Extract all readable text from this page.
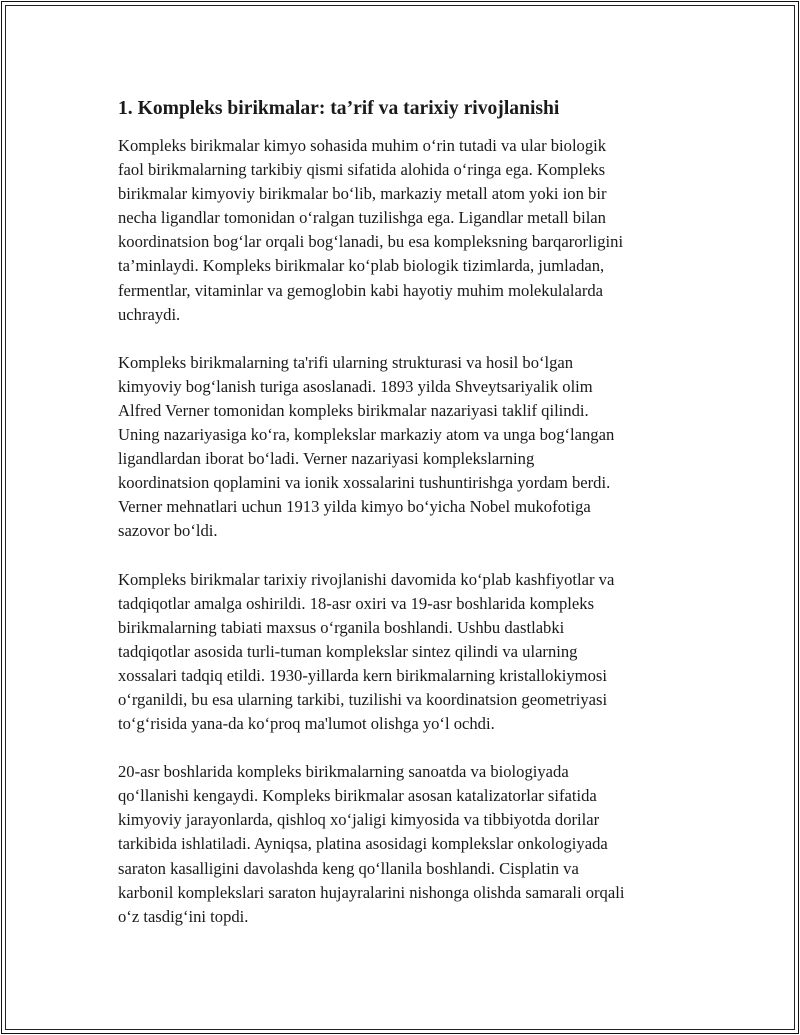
1. Kompleks birikmalar: ta’rif va tarixiy rivojlanishi

Kompleks birikmalar kimyo sohasida muhim o‘rin tutadi va ular biologik
faol birikmalarning tarkibiy qismi sifatida alohida o‘ringa ega. Kompleks
birikmalar kimyoviy birikmalar bo‘lib, markaziy metall atom yoki ion bir
necha ligandlar tomonidan o‘ralgan tuzilishga ega. Ligandlar metall bilan
koordinatsion bog‘lar orqali bog‘lanadi, bu esa kompleksning barqarorligini
ta’minlaydi. Kompleks birikmalar ko‘plab biologik tizimlarda, jumladan,
fermentlar, vitaminlar va gemoglobin kabi hayotiy muhim molekulalarda
uchraydi.

Kompleks birikmalarning ta'rifi ularning strukturasi va hosil bo‘lgan
kimyoviy bog‘lanish turiga asoslanadi. 1893 yilda Shveytsariyalik olim
Alfred Verner tomonidan kompleks birikmalar nazariyasi taklif qilindi.
Uning nazariyasiga ko‘ra, komplekslar markaziy atom va unga bog‘langan
ligandlardan iborat bo‘ladi. Verner nazariyasi komplekslarning
koordinatsion qoplamini va ionik xossalarini tushuntirishga yordam berdi.
Verner mehnatlari uchun 1913 yilda kimyo bo‘yicha Nobel mukofotiga
sazovor bo‘ldi.

Kompleks birikmalar tarixiy rivojlanishi davomida ko‘plab kashfiyotlar va
tadqiqotlar amalga oshirildi. 18-asr oxiri va 19-asr boshlarida kompleks
birikmalarning tabiati maxsus o‘rganila boshlandi. Ushbu dastlabki
tadqiqotlar asosida turli-tuman komplekslar sintez qilindi va ularning
xossalari tadqiq etildi. 1930-yillarda kern birikmalarning kristallokiymosi
o‘rganildi, bu esa ularning tarkibi, tuzilishi va koordinatsion geometriyasi
to‘g‘risida yana-da ko‘proq ma'lumot olishga yo‘l ochdi.

20-asr boshlarida kompleks birikmalarning sanoatda va biologiyada
qo‘llanishi kengaydi. Kompleks birikmalar asosan katalizatorlar sifatida
kimyoviy jarayonlarda, qishloq xo‘jaligi kimyosida va tibbiyotda dorilar
tarkibida ishlatiladi. Ayniqsa, platina asosidagi komplekslar onkologiyada
saraton kasalligini davolashda keng qo‘llanila boshlandi. Cisplatin va
karbonil komplekslari saraton hujayralarini nishonga olishda samarali orqali
o‘z tasdig‘ini topdi.
